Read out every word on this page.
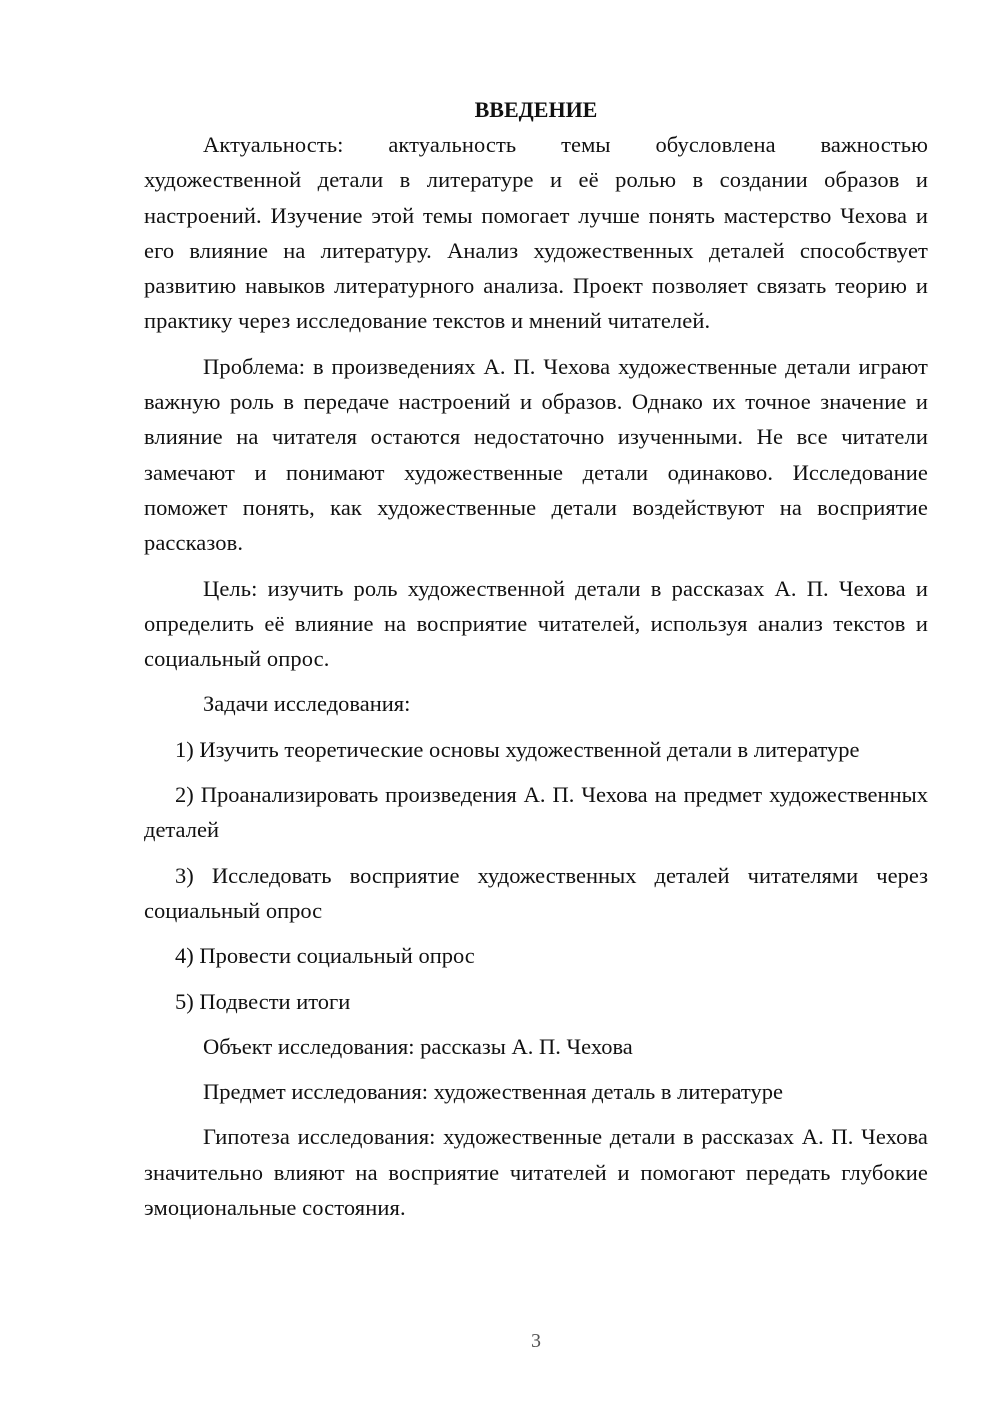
ВВЕДЕНИЕ

Актуальность: актуальность темы обусловлена важностью художественной детали в литературе и её ролью в создании образов и настроений. Изучение этой темы помогает лучше понять мастерство Чехова и его влияние на литературу. Анализ художественных деталей способствует развитию навыков литературного анализа. Проект позволяет связать теорию и практику через исследование текстов и мнений читателей.

Проблема: в произведениях А. П. Чехова художественные детали играют важную роль в передаче настроений и образов. Однако их точное значение и влияние на читателя остаются недостаточно изученными. Не все читатели замечают и понимают художественные детали одинаково. Исследование поможет понять, как художественные детали воздействуют на восприятие рассказов.

Цель: изучить роль художественной детали в рассказах А. П. Чехова и определить её влияние на восприятие читателей, используя анализ текстов и социальный опрос.

Задачи исследования:

1) Изучить теоретические основы художественной детали в литературе

2) Проанализировать произведения А. П. Чехова на предмет художественных деталей

3) Исследовать восприятие художественных деталей читателями через социальный опрос

4) Провести социальный опрос

5) Подвести итоги

Объект исследования: рассказы А. П. Чехова

Предмет исследования: художественная деталь в литературе

Гипотеза исследования: художественные детали в рассказах А. П. Чехова значительно влияют на восприятие читателей и помогают передать глубокие эмоциональные состояния.

3
